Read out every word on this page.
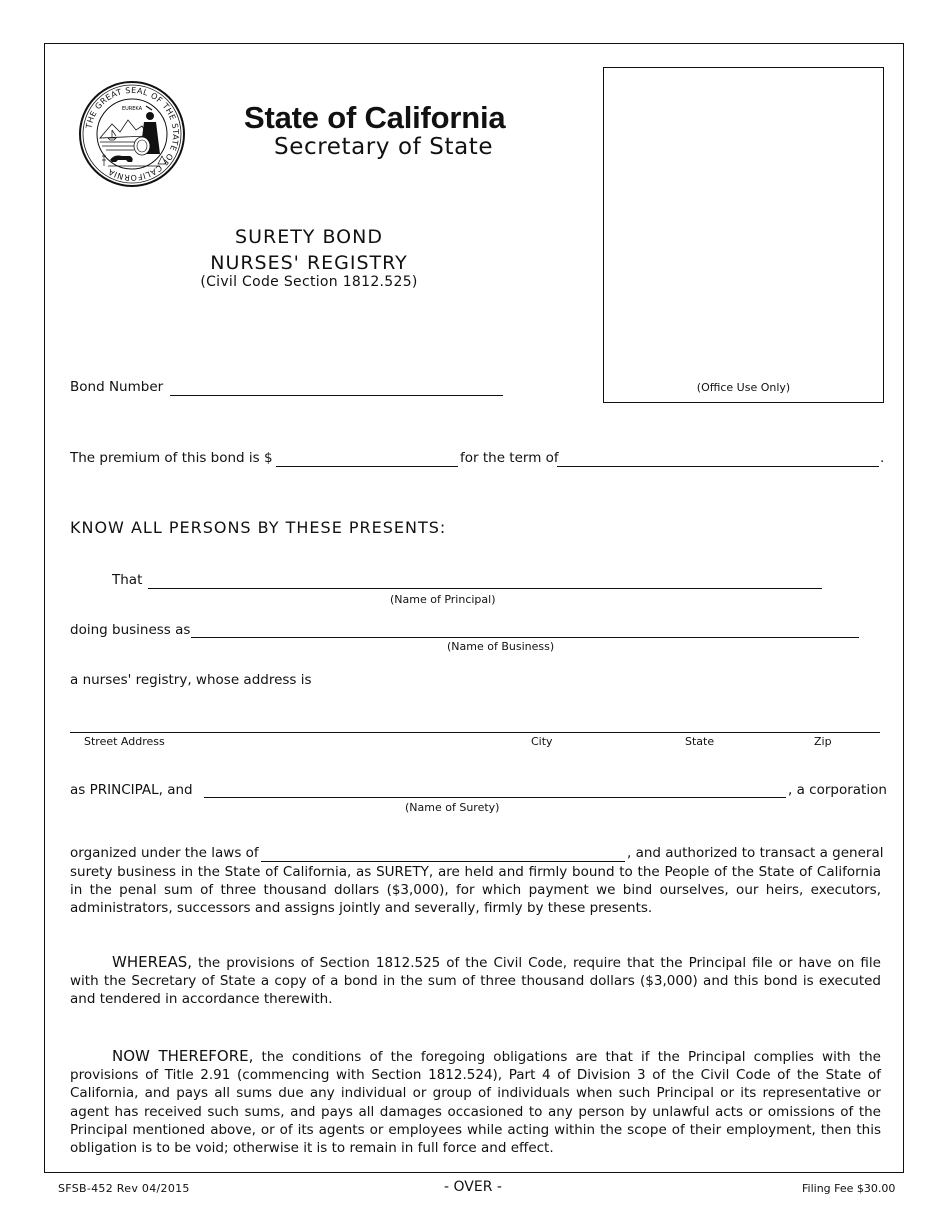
THE GREAT SEAL OF THE STATE OF CALIFORNIA
EUREKA	State of California
Secretary of State
(Office Use Only)
SURETY BOND
NURSES' REGISTRY
(Civil Code Section 1812.525)
Bond Number
The premium of this bond is $	for the term of	.
KNOW ALL PERSONS BY THESE PRESENTS:
That
(Name of Principal)
doing business as
(Name of Business)
a nurses' registry, whose address is
Street Address	City	State	Zip
as PRINCIPAL, and	, a corporation
(Name of Surety)
organized under the laws of	, and authorized to transact a general
surety business in the State of California, as SURETY, are held and firmly bound to the People of the State of California in the penal sum of three thousand dollars ($3,000), for which payment we bind ourselves, our heirs, executors, administrators, successors and assigns jointly and severally, firmly by these presents.
WHEREAS, the provisions of Section 1812.525 of the Civil Code, require that the Principal file or have on file with the Secretary of State a copy of a bond in the sum of three thousand dollars ($3,000) and this bond is executed and tendered in accordance therewith.
NOW THEREFORE, the conditions of the foregoing obligations are that if the Principal complies with the provisions of Title 2.91 (commencing with Section 1812.524), Part 4 of Division 3 of the Civil Code of the State of California, and pays all sums due any individual or group of individuals when such Principal or its representative or agent has received such sums, and pays all damages occasioned to any person by unlawful acts or omissions of the Principal mentioned above, or of its agents or employees while acting within the scope of their employment, then this obligation is to be void; otherwise it is to remain in full force and effect.
SFSB-452 Rev 04/2015	- OVER -	Filing Fee $30.00
